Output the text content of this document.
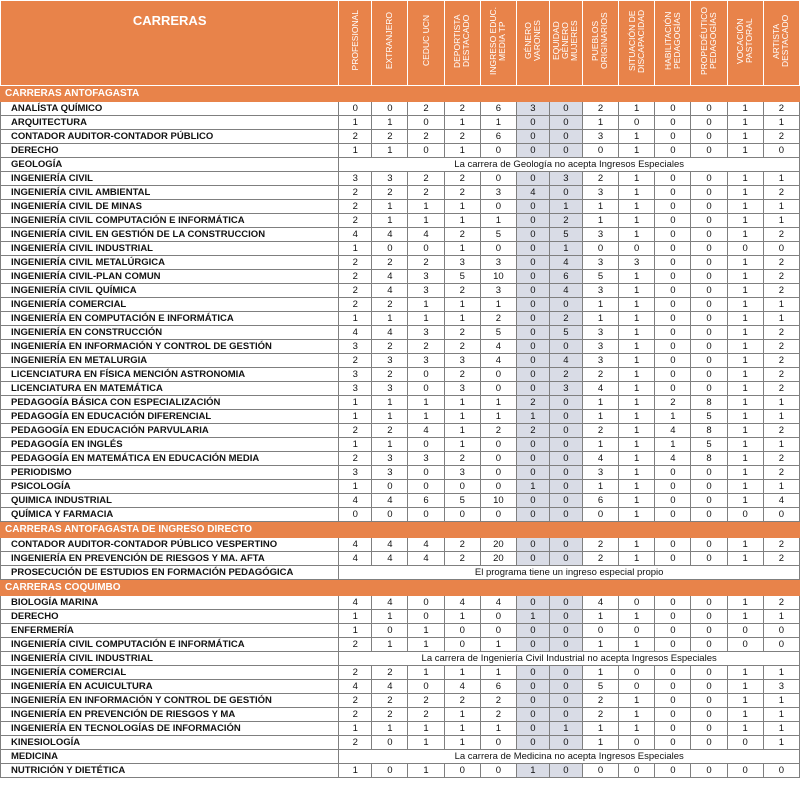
CARRERAS	PROFESIONAL	EXTRANJERO	CEDUC UCN	DEPORTISTA DESTACADO	INGRESO EDUC. MEDIA TP	GÉNERO VARONES	EQUIDAD GÉNERO MUJERES	PUEBLOS ORIGINARIOS	SITUACIÓN DE DISCAPACIDAD	HABILITACIÓN PEDAGOGÍAS	PROPEDÉUTICO PEDAGOGÍAS	VOCACIÓN PASTORAL	ARTISTA DESTACADO
CARRERAS ANTOFAGASTA													
ANALÍSTA QUÍMICO	0	0	2	2	6	3	0	2	1	0	0	1	2
ARQUITECTURA	1	1	0	1	1	0	0	1	0	0	0	1	1
CONTADOR AUDITOR-CONTADOR PÚBLICO	2	2	2	2	6	0	0	3	1	0	0	1	2
DERECHO	1	1	0	1	0	0	0	0	1	0	0	1	0
GEOLOGÍA	La carrera de Geología no acepta Ingresos Especiales												
INGENIERÍA CIVIL	3	3	2	2	0	0	3	2	1	0	0	1	1
INGENIERÍA CIVIL AMBIENTAL	2	2	2	2	3	4	0	3	1	0	0	1	2
INGENIERÍA CIVIL DE MINAS	2	1	1	1	0	0	1	1	1	0	0	1	1
INGENIERÍA CIVIL COMPUTACIÓN E INFORMÁTICA	2	1	1	1	1	0	2	1	1	0	0	1	1
INGENIERÍA CIVIL EN GESTIÓN DE LA CONSTRUCCION	4	4	4	2	5	0	5	3	1	0	0	1	2
INGENIERÍA CIVIL INDUSTRIAL	1	0	0	1	0	0	1	0	0	0	0	0	0
INGENIERÍA CIVIL METALÚRGICA	2	2	2	3	3	0	4	3	3	0	0	1	2
INGENIERÍA CIVIL-PLAN COMUN	2	4	3	5	10	0	6	5	1	0	0	1	2
INGENIERÍA CIVIL QUÍMICA	2	4	3	2	3	0	4	3	1	0	0	1	2
INGENIERÍA COMERCIAL	2	2	1	1	1	0	0	1	1	0	0	1	1
INGENIERÍA EN COMPUTACIÓN E INFORMÁTICA	1	1	1	1	2	0	2	1	1	0	0	1	1
INGENIERÍA EN CONSTRUCCIÓN	4	4	3	2	5	0	5	3	1	0	0	1	2
INGENIERÍA EN INFORMACIÓN Y CONTROL DE GESTIÓN	3	2	2	2	4	0	0	3	1	0	0	1	2
INGENIERÍA EN METALURGIA	2	3	3	3	4	0	4	3	1	0	0	1	2
LICENCIATURA EN FÍSICA MENCIÓN ASTRONOMIA	3	2	0	2	0	0	2	2	1	0	0	1	2
LICENCIATURA EN MATEMÁTICA	3	3	0	3	0	0	3	4	1	0	0	1	2
PEDAGOGÍA BÁSICA CON ESPECIALIZACIÓN	1	1	1	1	1	2	0	1	1	2	8	1	1
PEDAGOGÍA EN EDUCACIÓN DIFERENCIAL	1	1	1	1	1	1	0	1	1	1	5	1	1
PEDAGOGÍA EN EDUCACIÓN PARVULARIA	2	2	4	1	2	2	0	2	1	4	8	1	2
PEDAGOGÍA EN INGLÉS	1	1	0	1	0	0	0	1	1	1	5	1	1
PEDAGOGÍA EN MATEMÁTICA EN EDUCACIÓN MEDIA	2	3	3	2	0	0	0	4	1	4	8	1	2
PERIODISMO	3	3	0	3	0	0	0	3	1	0	0	1	2
PSICOLOGÍA	1	0	0	0	0	1	0	1	1	0	0	1	1
QUIMICA INDUSTRIAL	4	4	6	5	10	0	0	6	1	0	0	1	4
QUÍMICA Y FARMACIA	0	0	0	0	0	0	0	0	1	0	0	0	0
CARRERAS ANTOFAGASTA DE INGRESO DIRECTO													
CONTADOR AUDITOR-CONTADOR PÚBLICO VESPERTINO	4	4	4	2	20	0	0	2	1	0	0	1	2
INGENIERÍA EN PREVENCIÓN DE RIESGOS Y MA. AFTA	4	4	4	2	20	0	0	2	1	0	0	1	2
PROSECUCIÓN DE ESTUDIOS EN FORMACIÓN PEDAGÓGICA	El programa tiene un ingreso especial propio												
CARRERAS COQUIMBO													
BIOLOGÍA MARINA	4	4	0	4	4	0	0	4	0	0	0	1	2
DERECHO	1	1	0	1	0	1	0	1	1	0	0	1	1
ENFERMERÍA	1	0	1	0	0	0	0	0	0	0	0	0	0
INGENIERÍA CIVIL COMPUTACIÓN E INFORMÁTICA	2	1	1	0	1	0	0	1	1	0	0	0	0
INGENIERÍA CIVIL INDUSTRIAL	La carrera de Ingeniería Civil Industrial no acepta Ingresos Especiales												
INGENIERÍA COMERCIAL	2	2	1	1	1	0	0	1	0	0	0	1	1
INGENIERÍA EN ACUICULTURA	4	4	0	4	6	0	0	5	0	0	0	1	3
INGENIERÍA EN INFORMACIÓN Y CONTROL DE GESTIÓN	2	2	2	2	2	0	0	2	1	0	0	1	1
INGENIERÍA EN PREVENCIÓN DE RIESGOS Y MA	2	2	2	1	2	0	0	2	1	0	0	1	1
INGENIERÍA EN TECNOLOGÍAS DE INFORMACIÓN	1	1	1	1	1	0	1	1	1	0	0	1	1
KINESIOLOGÍA	2	0	1	1	0	0	0	1	0	0	0	0	1
MEDICINA	La carrera de Medicina no acepta Ingresos Especiales												
NUTRICIÓN Y DIETÉTICA	1	0	1	0	0	1	0	0	0	0	0	0	0
